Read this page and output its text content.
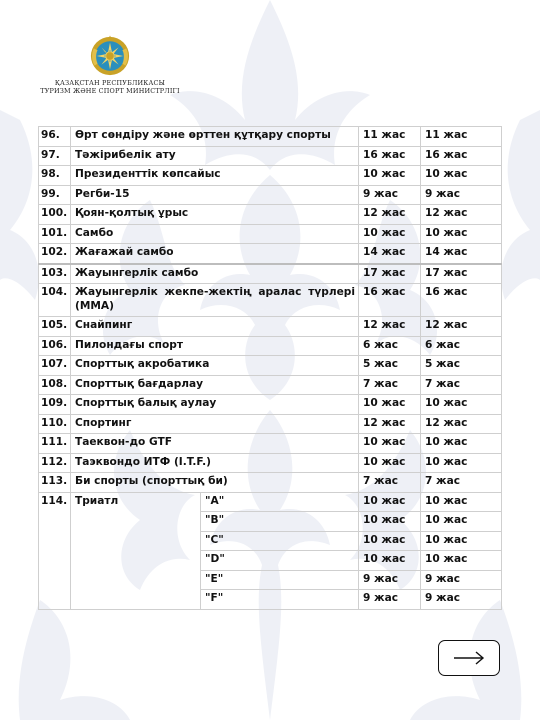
ҚАЗАҚСТАН РЕСПУБЛИКАСЫ
ТУРИЗМ ЖӘНЕ СПОРТ МИНИСТРЛІГІ
96.	Өрт сөндіру және өрттен құтқару спорты		11 жас	11 жас
97.	Тәжірибелік ату		16 жас	16 жас
98.	Президенттік көпсайыс		10 жас	10 жас
99.	Регби-15		9 жас	9 жас
100.	Қоян-қолтық ұрыс		12 жас	12 жас
101.	Самбо		10 жас	10 жас
102.	Жағажай самбо		14 жас	14 жас
103.	Жауынгерлік самбо		17 жас	17 жас
104.	Жауынгерлік жекпе-жектің аралас түрлері (MMA)		16 жас	16 жас
105.	Снайпинг		12 жас	12 жас
106.	Пилондағы спорт		6 жас	6 жас
107.	Спорттық акробатика		5 жас	5 жас
108.	Спорттық бағдарлау		7 жас	7 жас
109.	Спорттық балық аулау		10 жас	10 жас
110.	Спортинг		12 жас	12 жас
111.	Таеквон-до GTF		10 жас	10 жас
112.	Таэквондо ИТФ (I.T.F.)		10 жас	10 жас
113.	Би спорты (спорттық би)		7 жас	7 жас
114.	Триатл	"A"	10 жас	10 жас
		"B"	10 жас	10 жас
		"C"	10 жас	10 жас
		"D"	10 жас	10 жас
		"E"	9 жас	9 жас
		"F"	9 жас	9 жас
